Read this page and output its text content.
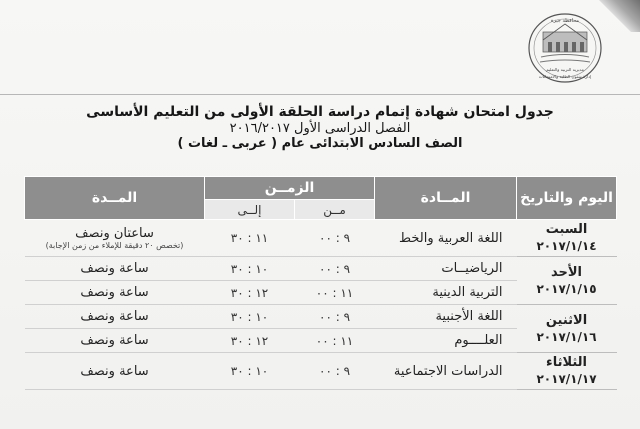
محافظة جيزة
مديرية التربية والتعليم
إدارة شئون الطلبة والامتحانات
جدول امتحان شهادة إتمام دراسة الحلقة الأولى من التعليم الأساسى
الفصل الدراسى الأول ٢٠١٦/٢٠١٧
الصف السادس الابتدائى عام ( عربى ـ لغات )
اليوم والتاريخ	المــادة	الزمــن		المــدة
		مــن	إلــى	

السبت
٢٠١٧/١/١٤	اللغة العربية والخط	٩ : ٠٠	١١ : ٣٠	ساعتان ونصف
(تخصص ٢٠ دقيقة للإملاء من زمن الإجابة)

الأحد
٢٠١٧/١/١٥	الرياضيــات	٩ : ٠٠	١٠ : ٣٠	ساعة ونصف
	التربية الدينية	١١ : ٠٠	١٢ : ٣٠	ساعة ونصف

الاثنين
٢٠١٧/١/١٦	اللغة الأجنبية	٩ : ٠٠	١٠ : ٣٠	ساعة ونصف
	العلــــوم	١١ : ٠٠	١٢ : ٣٠	ساعة ونصف

الثلاثاء
٢٠١٧/١/١٧	الدراسات الاجتماعية	٩ : ٠٠	١٠ : ٣٠	ساعة ونصف
